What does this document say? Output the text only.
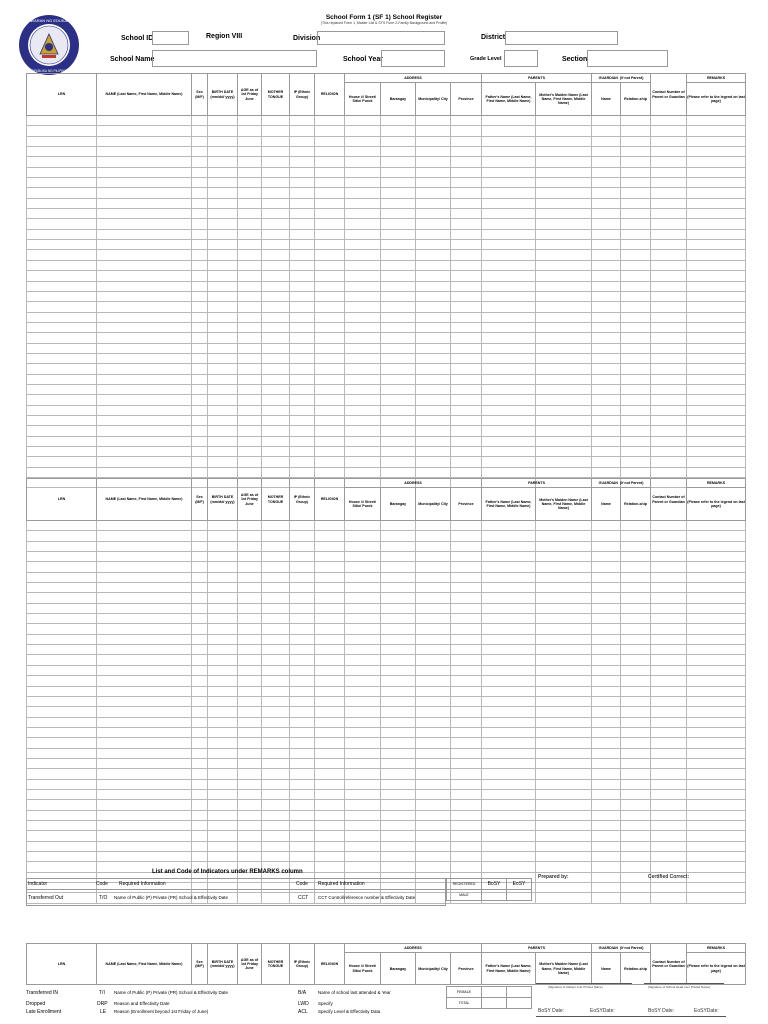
KAGAWARAN NG EDUKASYON
REPUBLIKA NG PILIPINAS
School Form 1 (SF 1) School Register
(This replaced Form 1, Master List & STS Form 2-Family Background and Profile)
School ID	Region VIII	Division	District
School Name	School Year	Grade Level	Section
LRN	NAME (Last Name, First Name, Middle Name)	Sex (M/F)	BIRTH DATE (mm/dd/ yyyy)	AGE as of 1st Friday June	MOTHER TONGUE	IP (Ethnic Group)	RELIGION	ADDRESS				PARENTS		GUARDIAN (If not Parent)		Contact Number of Parent or Guardian	REMARKS
								House #/ Street/ Sitio/ Purok	Barangay	Municipality/ City	Province	Father's Name (Last Name, First Name, Middle Name)	Mother's Maiden Name (Last Name, First Name, Middle Name)	Name	Relation-ship		(Please refer to the legend on last page)

LRN	NAME (Last Name, First Name, Middle Name)	Sex (M/F)	BIRTH DATE (mm/dd/ yyyy)	AGE as of 1st Friday June	MOTHER TONGUE	IP (Ethnic Group)	RELIGION	ADDRESS				PARENTS		GUARDIAN (If not Parent)		Contact Number of Parent or Guardian	REMARKS
								House #/ Street/ Sitio/ Purok	Barangay	Municipality/ City	Province	Father's Name (Last Name, First Name, Middle Name)	Mother's Maiden Name (Last Name, First Name, Middle Name)	Name	Relation-ship		(Please refer to the legend on last page)

List and Code of Indicators under REMARKS column
Indicator	Code Required Information	Code Required Information
Transferred Out	T/O Name of Public (P) Private (PR) School & Effectivity Date	CCT CCT Control/reference number & Effectivity Date
REGISTERED	BoSY	EoSY
MALE		
Prepared by:	Certified Correct:
LRN	NAME (Last Name, First Name, Middle Name)	Sex (M/F)	BIRTH DATE (mm/dd/ yyyy)	AGE as of 1st Friday June	MOTHER TONGUE	IP (Ethnic Group)	RELIGION	ADDRESS				PARENTS		GUARDIAN (If not Parent)		Contact Number of Parent or Guardian	REMARKS
								House #/ Street/ Sitio/ Purok	Barangay	Municipality/ City	Province	Father's Name (Last Name, First Name, Middle Name)	Mother's Maiden Name (Last Name, First Name, Middle Name)	Name	Relation-ship		(Please refer to the legend on last page)
Transferred IN	T/I Name of Public (P) Private (PR) School & Effectivity Date	B/A	Name of school last attended & Year
Dropped	DRP Reason and Effectivity Date	LWD Specify
Late Enrollment	LE Reason (Enrollment beyond 1st Friday of June)	ACL Specify Level & Effectivity Data
FEMALE		
TOTAL		
(Signature of Adviser over Printed Name)	(Signature of School Head over Printed Name)
BoSY Date:	EoSYDate:	BoSY Date:	EoSYDate:
